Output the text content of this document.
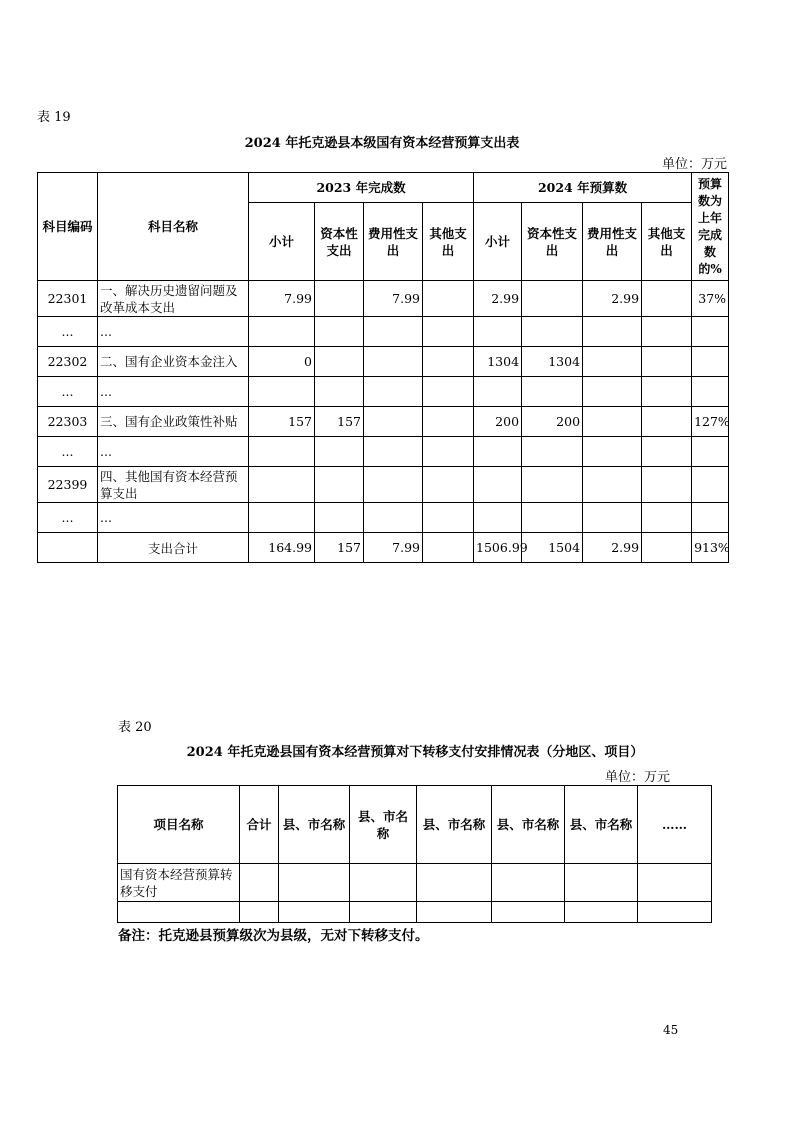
表 19
2024 年托克逊县本级国有资本经营预算支出表
单位：万元
科目编码	科目名称	2023 年完成数				2024 年预算数				预算数为上年完成数的%
		小计	资本性支出	费用性支出	其他支出	小计	资本性支出	费用性支出	其他支出	
22301	一、解决历史遗留问题及改革成本支出	7.99		7.99		2.99		2.99		37%
...	...									
22302	二、国有企业资本金注入	0				1304	1304			
...	...									
22303	三、国有企业政策性补贴	157	157			200	200			127%
...	...									
22399	四、其他国有资本经营预算支出									
...	...									
	支出合计	164.99	157	7.99		1506.99	1504	2.99		913%
表 20
2024 年托克逊县国有资本经营预算对下转移支付安排情况表（分地区、项目）
单位：万元
项目名称	合计	县、市名称	县、市名称	县、市名称	县、市名称	县、市名称	……
国有资本经营预算转移支付							

备注：托克逊县预算级次为县级，无对下转移支付。
45
